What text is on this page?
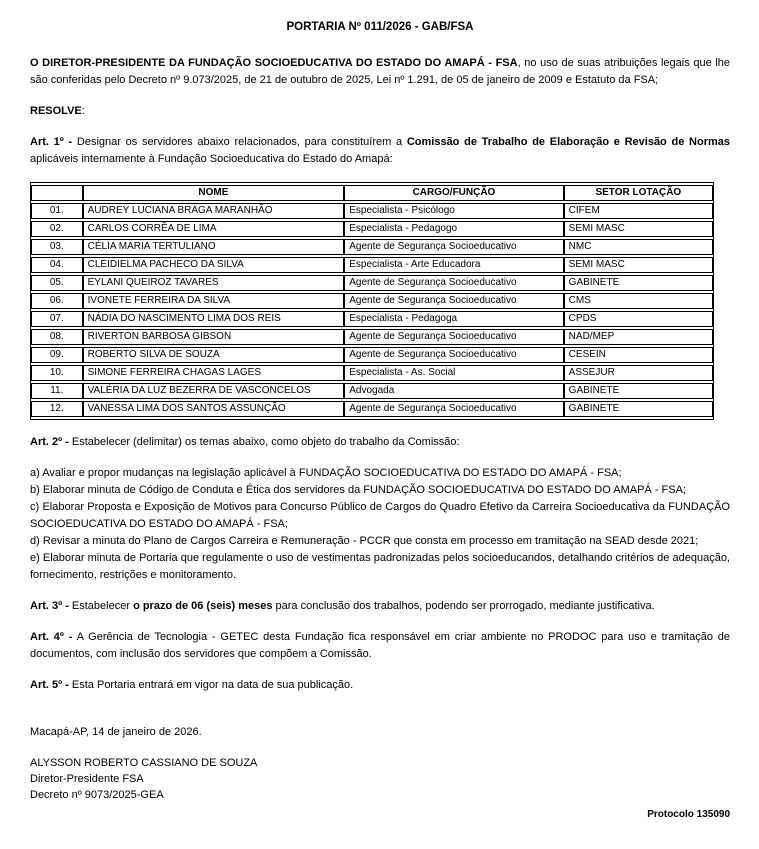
PORTARIA Nº 011/2026 - GAB/FSA

O DIRETOR-PRESIDENTE DA FUNDAÇÃO SOCIOEDUCATIVA DO ESTADO DO AMAPÁ - FSA, no uso de suas atribuições legais que lhe são conferidas pelo Decreto nº 9.073/2025, de 21 de outubro de 2025, Lei nº 1.291, de 05 de janeiro de 2009 e Estatuto da FSA;

RESOLVE:

Art. 1º - Designar os servidores abaixo relacionados, para constituírem a Comissão de Trabalho de Elaboração e Revisão de Normas aplicáveis internamente à Fundação Socioeducativa do Estado do Amapá:

	NOME	CARGO/FUNÇÃO	SETOR LOTAÇÃO
01.	AUDREY LUCIANA BRAGA MARANHÃO	Especialista - Psicólogo	CIFEM
02.	CARLOS CORRÊA DE LIMA	Especialista - Pedagogo	SEMI MASC
03.	CÉLIA MARIA TERTULIANO	Agente de Segurança Socioeducativo	NMC
04.	CLEIDIELMA PACHECO DA SILVA	Especialista - Arte Educadora	SEMI MASC
05.	EYLANI QUEIROZ TAVARES	Agente de Segurança Socioeducativo	GABINETE
06.	IVONETE FERREIRA DA SILVA	Agente de Segurança Socioeducativo	CMS
07.	NÁDIA DO NASCIMENTO LIMA DOS REIS	Especialista - Pedagoga	CPDS
08.	RIVERTON BARBOSA GIBSON	Agente de Segurança Socioeducativo	NAD/MEP
09.	ROBERTO SILVA DE SOUZA	Agente de Segurança Socioeducativo	CESEIN
10.	SIMONE FERREIRA CHAGAS LAGES	Especialista - As. Social	ASSEJUR
11.	VALÉRIA DA LUZ BEZERRA DE VASCONCELOS	Advogada	GABINETE
12.	VANESSA LIMA DOS SANTOS ASSUNÇÃO	Agente de Segurança Socioeducativo	GABINETE

Art. 2º - Estabelecer (delimitar) os temas abaixo, como objeto do trabalho da Comissão:

a) Avaliar e propor mudanças na legislação aplicável à FUNDAÇÃO SOCIOEDUCATIVA DO ESTADO DO AMAPÁ - FSA;

b) Elaborar minuta de Código de Conduta e Ética dos servidores da FUNDAÇÃO SOCIOEDUCATIVA DO ESTADO DO AMAPÁ - FSA;

c) Elaborar Proposta e Exposição de Motivos para Concurso Público de Cargos do Quadro Efetivo da Carreira Socioeducativa da FUNDAÇÃO SOCIOEDUCATIVA DO ESTADO DO AMAPÁ - FSA;

d) Revisar a minuta do Plano de Cargos Carreira e Remuneração - PCCR que consta em processo em tramitação na SEAD desde 2021;

e) Elaborar minuta de Portaria que regulamente o uso de vestimentas padronizadas pelos socioeducandos, detalhando critérios de adequação, fornecimento, restrições e monitoramento.

Art. 3º - Estabelecer o prazo de 06 (seis) meses para conclusão dos trabalhos, podendo ser prorrogado, mediante justificativa.

Art. 4º - A Gerência de Tecnologia - GETEC desta Fundação fica responsável em criar ambiente no PRODOC para uso e tramitação de documentos, com inclusão dos servidores que compõem a Comissão.

Art. 5º - Esta Portaria entrará em vigor na data de sua publicação.

Macapá-AP, 14 de janeiro de 2026.

ALYSSON ROBERTO CASSIANO DE SOUZA
Diretor-Presidente FSA
Decreto nº 9073/2025-GEA
Protocolo 135090
